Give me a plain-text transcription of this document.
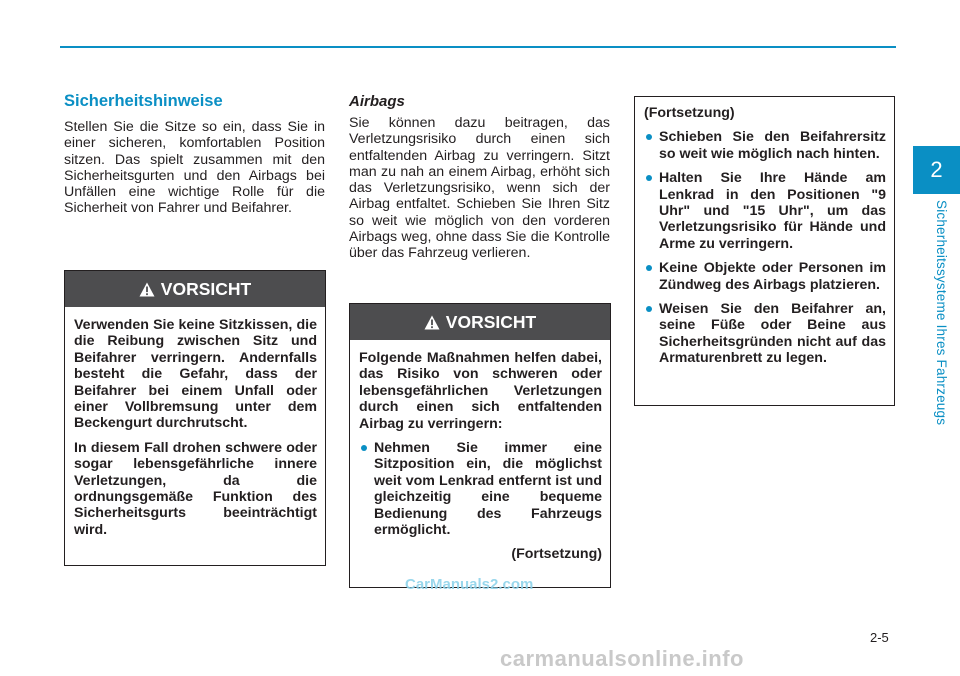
2
Sicherheitssysteme Ihres Fahrzeugs
Sicherheitshinweise

Stellen Sie die Sitze so ein, dass Sie in einer sicheren, komfortablen Position sitzen. Das spielt zusammen mit den Sicherheitsgurten und den Airbags bei Unfällen eine wichtige Rolle für die Sicherheit von Fahrer und Beifahrer.

VORSICHT

Verwenden Sie keine Sitzkissen, die die Reibung zwischen Sitz und Beifahrer verringern. Andernfalls besteht die Gefahr, dass der Beifahrer bei einem Unfall oder einer Vollbremsung unter dem Beckengurt durchrutscht.

In diesem Fall drohen schwere oder sogar lebensgefährliche innere Verletzungen, da die ordnungsgemäße Funktion des Sicherheitsgurts beeinträchtigt wird.

Airbags

Sie können dazu beitragen, das Verletzungsrisiko durch einen sich entfaltenden Airbag zu verringern. Sitzt man zu nah an einem Airbag, erhöht sich das Verletzungsrisiko, wenn sich der Airbag entfaltet. Schieben Sie Ihren Sitz so weit wie möglich von den vorderen Airbags weg, ohne dass Sie die Kontrolle über das Fahrzeug verlieren.

VORSICHT

Folgende Maßnahmen helfen dabei, das Risiko von schweren oder lebensgefährlichen Verletzungen durch einen sich entfaltenden Airbag zu verringern:

Nehmen Sie immer eine Sitzposition ein, die möglichst weit vom Lenkrad entfernt ist und gleichzeitig eine bequeme Bedienung des Fahrzeugs ermöglicht.
(Fortsetzung)

(Fortsetzung)

Schieben Sie den Beifahrersitz so weit wie möglich nach hinten.
Halten Sie Ihre Hände am Lenkrad in den Positionen "9 Uhr" und "15 Uhr", um das Verletzungsrisiko für Hände und Arme zu verringern.
Keine Objekte oder Personen im Zündweg des Airbags platzieren.
Weisen Sie den Beifahrer an, seine Füße oder Beine aus Sicherheitsgründen nicht auf das Armaturenbrett zu legen.
CarManuals2.com
2-5
carmanualsonline.info
